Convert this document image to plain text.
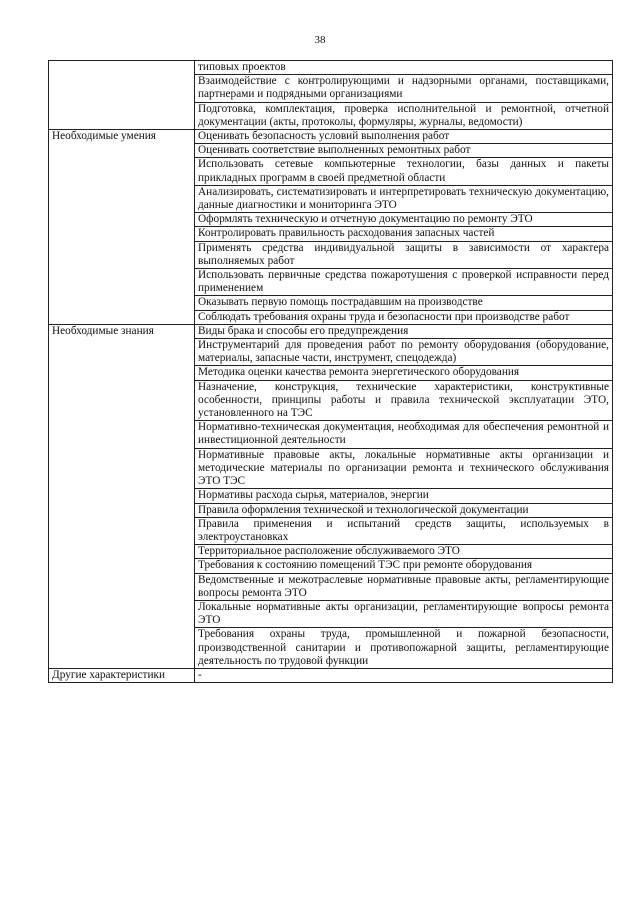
38
	типовых проектов
	Взаимодействие с контролирующими и надзорными органами, поставщиками, партнерами и подрядными организациями
	Подготовка, комплектация, проверка исполнительной и ремонтной, отчетной документации (акты, протоколы, формуляры, журналы, ведомости)
Необходимые умения	Оценивать безопасность условий выполнения работ
	Оценивать соответствие выполненных ремонтных работ
	Использовать сетевые компьютерные технологии, базы данных и пакеты прикладных программ в своей предметной области
	Анализировать, систематизировать и интерпретировать техническую документацию, данные диагностики и мониторинга ЭТО
	Оформлять техническую и отчетную документацию по ремонту ЭТО
	Контролировать правильность расходования запасных частей
	Применять средства индивидуальной защиты в зависимости от характера выполняемых работ
	Использовать первичные средства пожаротушения с проверкой исправности перед применением
	Оказывать первую помощь пострадавшим на производстве
	Соблюдать требования охраны труда и безопасности при производстве работ
Необходимые знания	Виды брака и способы его предупреждения
	Инструментарий для проведения работ по ремонту оборудования (оборудование, материалы, запасные части, инструмент, спецодежда)
	Методика оценки качества ремонта энергетического оборудования
	Назначение, конструкция, технические характеристики, конструктивные особенности, принципы работы и правила технической эксплуатации ЭТО, установленного на ТЭС
	Нормативно-техническая документация, необходимая для обеспечения ремонтной и инвестиционной деятельности
	Нормативные правовые акты, локальные нормативные акты организации и методические материалы по организации ремонта и технического обслуживания ЭТО ТЭС
	Нормативы расхода сырья, материалов, энергии
	Правила оформления технической и технологической документации
	Правила применения и испытаний средств защиты, используемых в электроустановках
	Территориальное расположение обслуживаемого ЭТО
	Требования к состоянию помещений ТЭС при ремонте оборудования
	Ведомственные и межотраслевые нормативные правовые акты, регламентирующие вопросы ремонта ЭТО
	Локальные нормативные акты организации, регламентирующие вопросы ремонта ЭТО
	Требования охраны труда, промышленной и пожарной безопасности, производственной санитарии и противопожарной защиты, регламентирующие деятельность по трудовой функции
Другие характеристики	-
